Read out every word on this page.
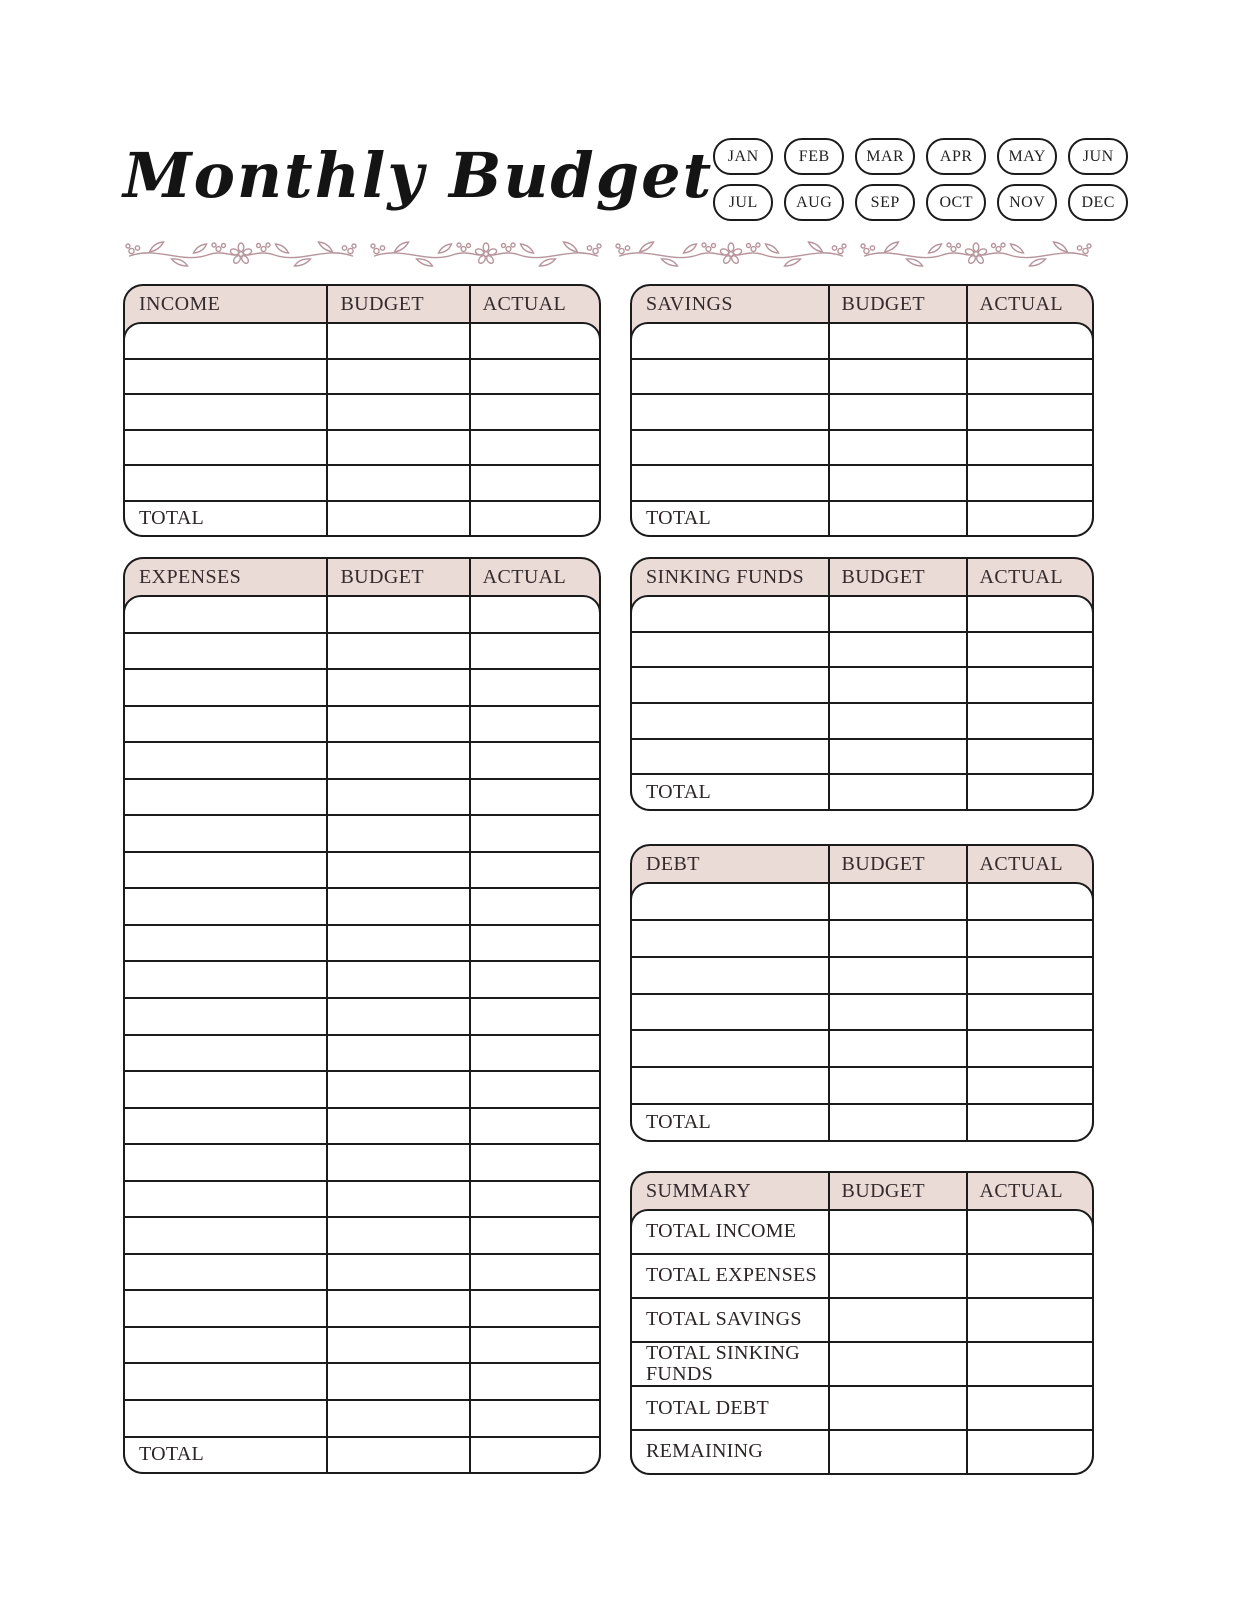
Monthly Budget JAN	FEB	MAR	APR	MAY	JUN
JUL	AUG	SEP	OCT	NOV	DEC
INCOME	BUDGET	ACTUAL
TOTAL
EXPENSES	BUDGET	ACTUAL
TOTAL
SAVINGS	BUDGET	ACTUAL
TOTAL
SINKING FUNDS	BUDGET	ACTUAL
TOTAL
DEBT	BUDGET	ACTUAL
TOTAL
SUMMARY	BUDGET	ACTUAL
TOTAL INCOME
TOTAL EXPENSES
TOTAL SAVINGS
TOTAL SINKING FUNDS
TOTAL DEBT
REMAINING
